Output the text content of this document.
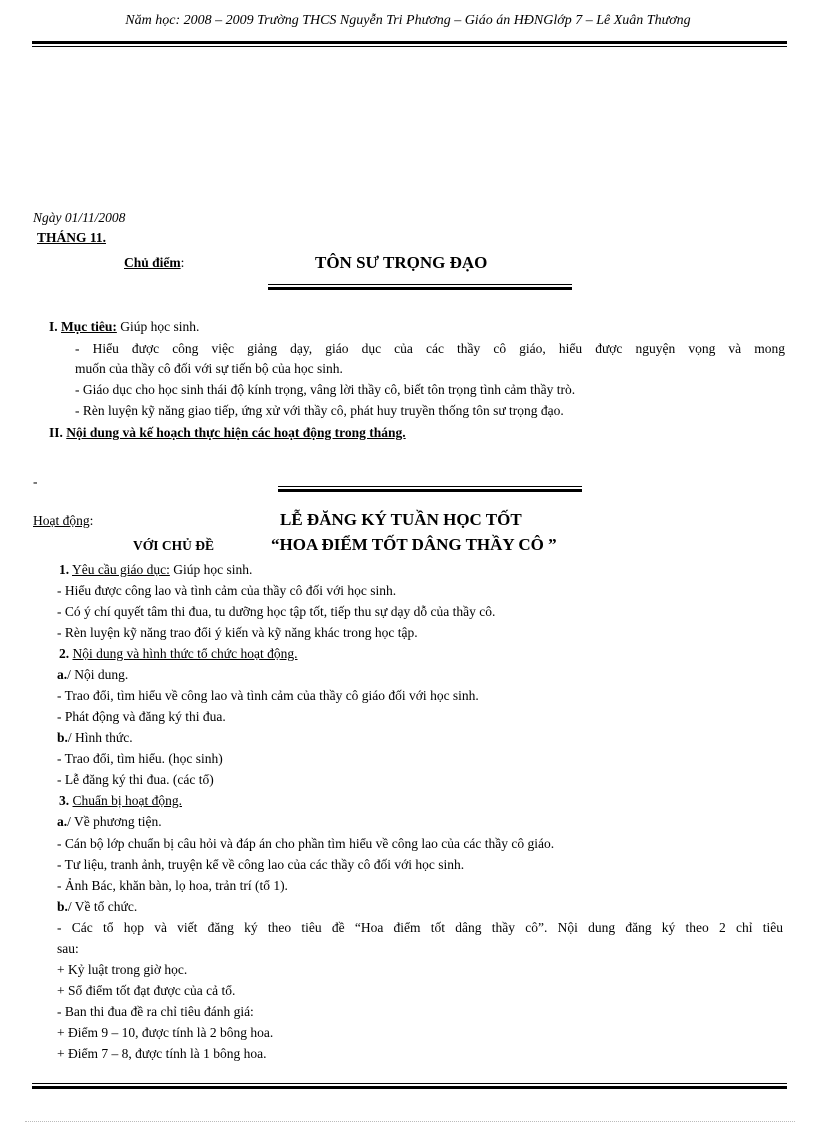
Năm học: 2008 – 2009 Trường THCS Nguyễn Tri Phương – Giáo án HĐNGlớp 7 – Lê Xuân Thương
Ngày 01/11/2008
THÁNG 11.
Chủ điểm:	TÔN SƯ TRỌNG ĐẠO
I. Mục tiêu: Giúp học sinh.
- Hiểu được công việc giảng dạy, giáo dục của các thầy cô giáo, hiểu được nguyện vọng và mong
muốn của thầy cô đối với sự tiến bộ của học sinh.
- Giáo dục cho học sinh thái độ kính trọng, vâng lời thầy cô, biết tôn trọng tình cảm thầy trò.
- Rèn luyện kỹ năng giao tiếp, ứng xử với thầy cô, phát huy truyền thống tôn sư trọng đạo.
II. Nội dung và kế hoạch thực hiện các hoạt động trong tháng.
-
Hoạt động:	LỄ ĐĂNG KÝ TUẦN HỌC TỐT
VỚI CHỦ ĐỀ	“HOA ĐIỂM TỐT DÂNG THẦY CÔ ”
1. Yêu cầu giáo dục: Giúp học sinh.
- Hiểu được công lao và tình cảm của thầy cô đối với học sinh.
- Có ý chí quyết tâm thi đua, tu dưỡng học tập tốt, tiếp thu sự dạy dỗ của thầy cô.
- Rèn luyện kỹ năng trao đổi ý kiến và kỹ năng khác trong học tập.
2. Nội dung và hình thức tổ chức hoạt động.
a./ Nội dung.
- Trao đổi, tìm hiểu về công lao và tình cảm của thầy cô giáo đối với học sinh.
- Phát động và đăng ký thi đua.
b./ Hình thức.
- Trao đổi, tìm hiểu. (học sinh)
- Lễ đăng ký thi đua. (các tổ)
3. Chuẩn bị hoạt động.
a./ Về phương tiện.
- Cán bộ lớp chuẩn bị câu hỏi và đáp án cho phần tìm hiểu về công lao của các thầy cô giáo.
- Tư liệu, tranh ảnh, truyện kể về công lao của các thầy cô đối với học sinh.
- Ảnh Bác, khăn bàn, lọ hoa, trản trí (tổ 1).
b./ Về tổ chức.
- Các tổ họp và viết đăng ký theo tiêu đề “Hoa điểm tốt dâng thầy cô”. Nội dung đăng ký theo 2 chỉ tiêu
sau:
+ Kỷ luật trong giờ học.
+ Sổ điểm tốt đạt được của cả tổ.
- Ban thi đua đề ra chỉ tiêu đánh giá:
+ Điểm 9 – 10, được tính là 2 bông hoa.
+ Điểm 7 – 8, được tính là 1 bông hoa.
